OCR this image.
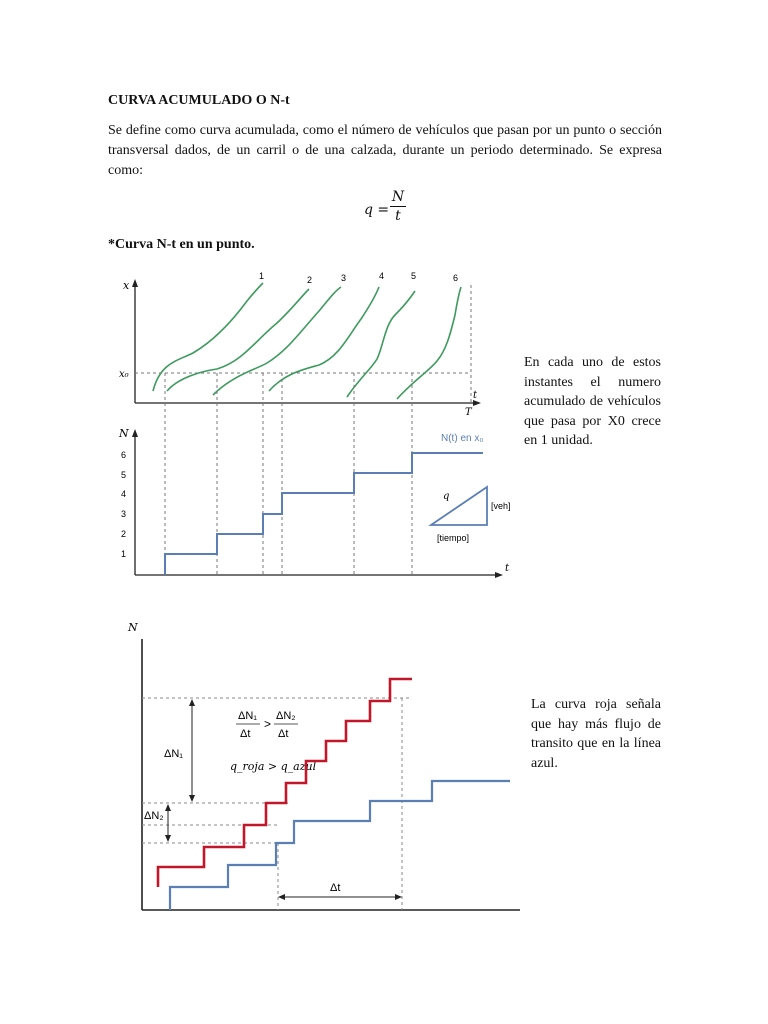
CURVA ACUMULADO O N-t
Se define como curva acumulada, como el número de vehículos que pasan por un punto o sección transversal dados, de un carril o de una calzada, durante un periodo determinado. Se expresa como:
q =
N
t
*Curva N-t en un punto.
x
x₀
t
T
1	2	3	4	5	6
N
t
6
5
4
3
2
1
N(t) en x₀
q
[veh]
[tiempo]
En cada uno de estos instantes el numero acumulado de vehículos que pasa por X0 crece en 1 unidad.
N
ΔN₁
ΔN₂
Δt
ΔN₁
Δt
>
ΔN₂
Δt
q_roja > q_azul
La curva roja señala que hay más flujo de transito que en la línea azul.
